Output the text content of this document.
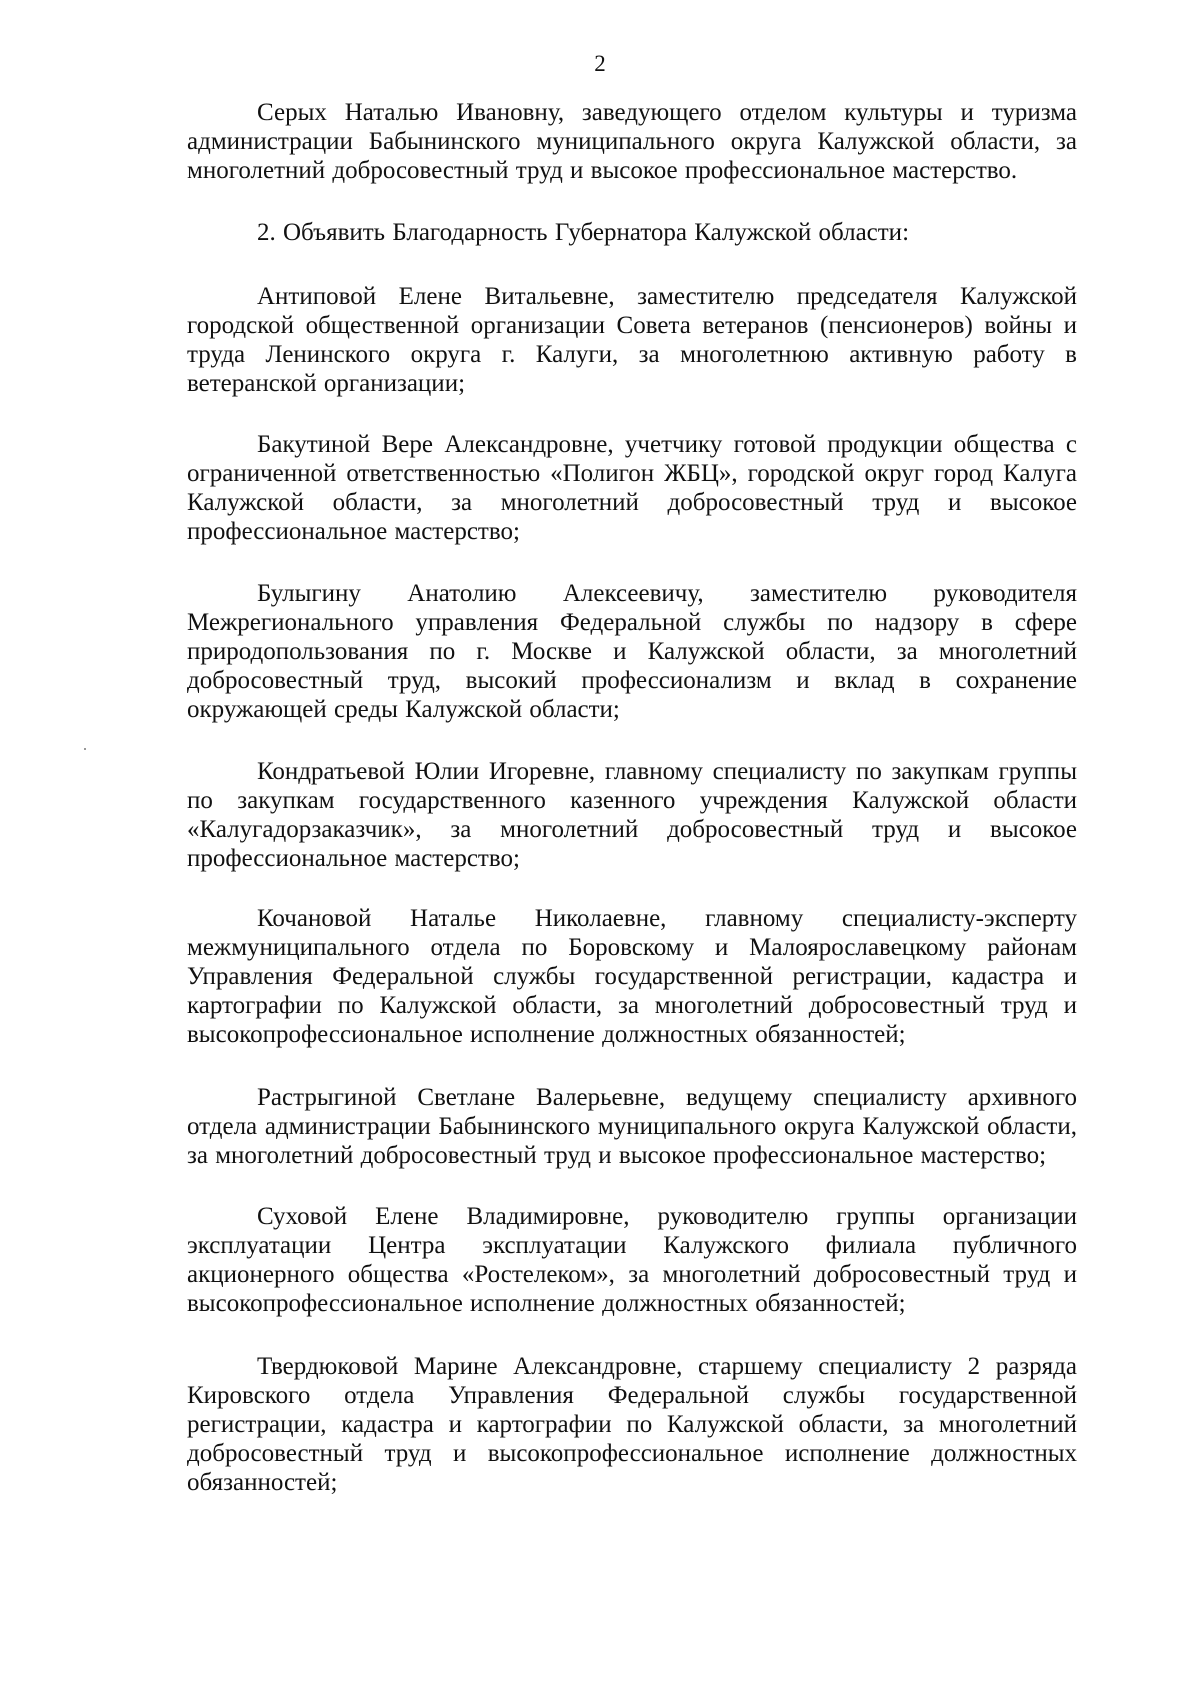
2
Серых Наталью Ивановну, заведующего отделом культуры и туризма администрации Бабынинского муниципального округа Калужской области, за многолетний добросовестный труд и высокое профессиональное мастерство.
2. Объявить Благодарность Губернатора Калужской области:
Антиповой Елене Витальевне, заместителю председателя Калужской городской общественной организации Совета ветеранов (пенсионеров) войны и труда Ленинского округа г. Калуги, за многолетнюю активную работу в ветеранской организации;
Бакутиной Вере Александровне, учетчику готовой продукции общества с ограниченной ответственностью «Полигон ЖБЦ», городской округ город Калуга Калужской области, за многолетний добросовестный труд и высокое профессиональное мастерство;
Булыгину Анатолию Алексеевичу, заместителю руководителя Межрегионального управления Федеральной службы по надзору в сфере природопользования по г. Москве и Калужской области, за многолетний добросовестный труд, высокий профессионализм и вклад в сохранение окружающей среды Калужской области;
Кондратьевой Юлии Игоревне, главному специалисту по закупкам группы по закупкам государственного казенного учреждения Калужской области «Калугадорзаказчик», за многолетний добросовестный труд и высокое профессиональное мастерство;
Кочановой Наталье Николаевне, главному специалисту-эксперту межмуниципального отдела по Боровскому и Малоярославецкому районам Управления Федеральной службы государственной регистрации, кадастра и картографии по Калужской области, за многолетний добросовестный труд и высокопрофессиональное исполнение должностных обязанностей;
Растрыгиной Светлане Валерьевне, ведущему специалисту архивного отдела администрации Бабынинского муниципального округа Калужской области, за многолетний добросовестный труд и высокое профессиональное мастерство;
Суховой Елене Владимировне, руководителю группы организации эксплуатации Центра эксплуатации Калужского филиала публичного акционерного общества «Ростелеком», за многолетний добросовестный труд и высокопрофессиональное исполнение должностных обязанностей;
Твердюковой Марине Александровне, старшему специалисту 2 разряда Кировского отдела Управления Федеральной службы государственной регистрации, кадастра и картографии по Калужской области, за многолетний добросовестный труд и высокопрофессиональное исполнение должностных обязанностей;
